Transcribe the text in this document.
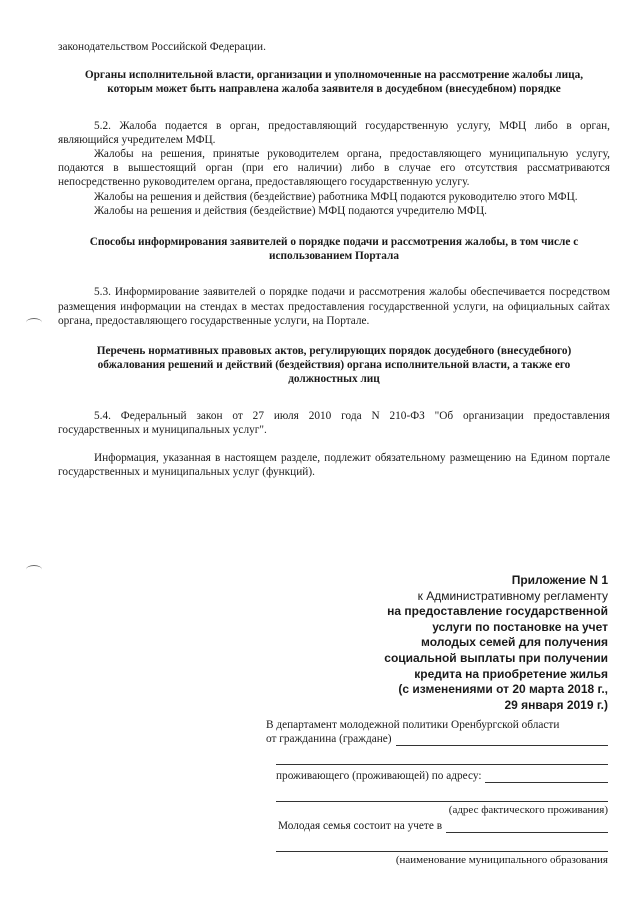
законодательством Российской Федерации.

Органы исполнительной власти, организации и уполномоченные на рассмотрение жалобы лица, которым может быть направлена жалоба заявителя в досудебном (внесудебном) порядке

5.2. Жалоба подается в орган, предоставляющий государственную услугу, МФЦ либо в орган, являющийся учредителем МФЦ.

Жалобы на решения, принятые руководителем органа, предоставляющего муниципальную услугу, подаются в вышестоящий орган (при его наличии) либо в случае его отсутствия рассматриваются непосредственно руководителем органа, предоставляющего государственную услугу.

Жалобы на решения и действия (бездействие) работника МФЦ подаются руководителю этого МФЦ.

Жалобы на решения и действия (бездействие) МФЦ подаются учредителю МФЦ.

Способы информирования заявителей о порядке подачи и рассмотрения жалобы, в том числе с использованием Портала

5.3. Информирование заявителей о порядке подачи и рассмотрения жалобы обеспечивается посредством размещения информации на стендах в местах предоставления государственной услуги, на официальных сайтах органа, предоставляющего государственные услуги, на Портале.

Перечень нормативных правовых актов, регулирующих порядок досудебного (внесудебного) обжалования решений и действий (бездействия) органа исполнительной власти, а также его должностных лиц

5.4. Федеральный закон от 27 июля 2010 года N 210-ФЗ "Об организации предоставления государственных и муниципальных услуг".

Информация, указанная в настоящем разделе, подлежит обязательному размещению на Едином портале государственных и муниципальных услуг (функций).

Приложение N 1
к Административному регламенту
на предоставление государственной
услуги по постановке на учет
молодых семей для получения
социальной выплаты при получении
кредита на приобретение жилья
(с изменениями от 20 марта 2018 г.,
29 января 2019 г.)
В департамент молодежной политики Оренбургской области
от гражданина (граждане)
проживающего (проживающей) по адресу:
(адрес фактического проживания)
Молодая семья состоит на учете в
(наименование муниципального образования
